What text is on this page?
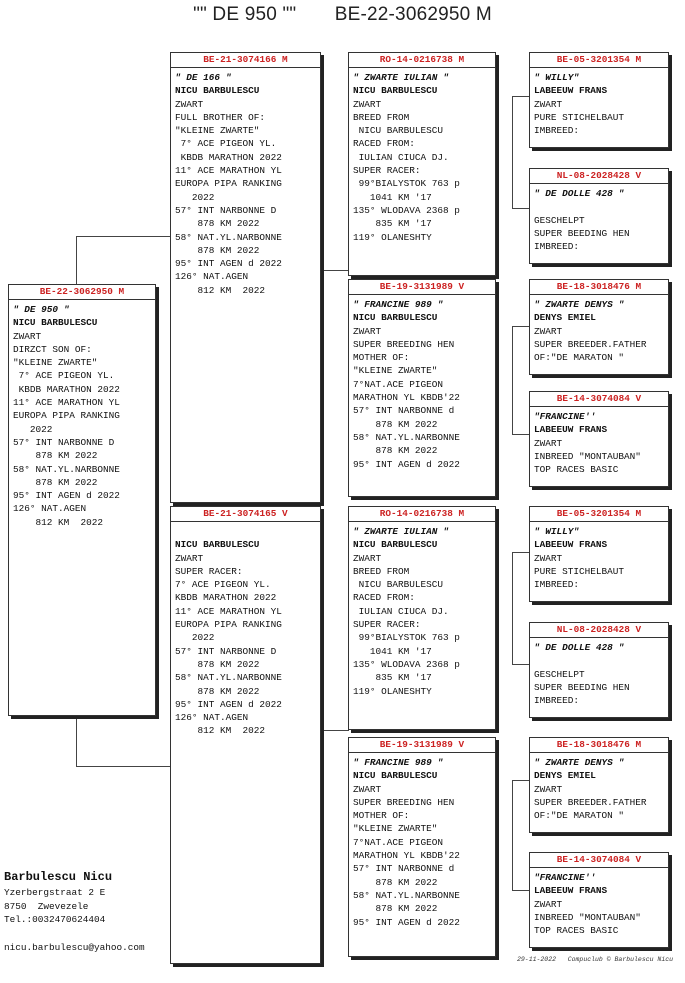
"" DE 950 ""       BE-22-3062950 M
BE-22-3062950 M
" DE 950 "
NICU BARBULESCU
ZWART
DIRZCT SON OF:
"KLEINE ZWARTE"
7° ACE PIGEON YL.
KBDB MARATHON 2022
11° ACE MARATHON YL
EUROPA PIPA RANKING
2022
57° INT NARBONNE D
878 KM 2022
58° NAT.YL.NARBONNE
878 KM 2022
95° INT AGEN d 2022
126° NAT.AGEN
812 KM  2022
BE-21-3074166 M
" DE 166 "
NICU BARBULESCU
ZWART
FULL BROTHER OF:
"KLEINE ZWARTE"
7° ACE PIGEON YL.
KBDB MARATHON 2022
11° ACE MARATHON YL
EUROPA PIPA RANKING
2022
57° INT NARBONNE D
878 KM 2022
58° NAT.YL.NARBONNE
878 KM 2022
95° INT AGEN d 2022
126° NAT.AGEN
812 KM  2022
BE-21-3074165 V

NICU BARBULESCU
ZWART
SUPER RACER:
7° ACE PIGEON YL.
KBDB MARATHON 2022
11° ACE MARATHON YL
EUROPA PIPA RANKING
2022
57° INT NARBONNE D
878 KM 2022
58° NAT.YL.NARBONNE
878 KM 2022
95° INT AGEN d 2022
126° NAT.AGEN
812 KM  2022
RO-14-0216738 M
" ZWARTE IULIAN "
NICU BARBULESCU
ZWART
BREED FROM
NICU BARBULESCU
RACED FROM:
IULIAN CIUCA DJ.
SUPER RACER:
99°BIALYSTOK 763 p
1041 KM '17
135° WLODAVA 2368 p
835 KM '17
119° OLANESHTY
BE-19-3131989 V
" FRANCINE 989 "
NICU BARBULESCU
ZWART
SUPER BREEDING HEN
MOTHER OF:
"KLEINE ZWARTE"
7°NAT.ACE PIGEON
MARATHON YL KBDB'22
57° INT NARBONNE d
878 KM 2022
58° NAT.YL.NARBONNE
878 KM 2022
95° INT AGEN d 2022
RO-14-0216738 M
" ZWARTE IULIAN "
NICU BARBULESCU
ZWART
BREED FROM
NICU BARBULESCU
RACED FROM:
IULIAN CIUCA DJ.
SUPER RACER:
99°BIALYSTOK 763 p
1041 KM '17
135° WLODAVA 2368 p
835 KM '17
119° OLANESHTY
BE-19-3131989 V
" FRANCINE 989 "
NICU BARBULESCU
ZWART
SUPER BREEDING HEN
MOTHER OF:
"KLEINE ZWARTE"
7°NAT.ACE PIGEON
MARATHON YL KBDB'22
57° INT NARBONNE d
878 KM 2022
58° NAT.YL.NARBONNE
878 KM 2022
95° INT AGEN d 2022
BE-05-3201354 M
" WILLY"
LABEEUW FRANS
ZWART
PURE STICHELBAUT
IMBREED:
NL-08-2028428 V
" DE DOLLE 428 "

GESCHELPT
SUPER BEEDING HEN
IMBREED:
BE-18-3018476 M
" ZWARTE DENYS "
DENYS EMIEL
ZWART
SUPER BREEDER.FATHER
OF:"DE MARATON "
BE-14-3074084 V
"FRANCINE''
LABEEUW FRANS
ZWART
INBREED "MONTAUBAN"
TOP RACES BASIC
BE-05-3201354 M
" WILLY"
LABEEUW FRANS
ZWART
PURE STICHELBAUT
IMBREED:
NL-08-2028428 V
" DE DOLLE 428 "

GESCHELPT
SUPER BEEDING HEN
IMBREED:
BE-18-3018476 M
" ZWARTE DENYS "
DENYS EMIEL
ZWART
SUPER BREEDER.FATHER
OF:"DE MARATON "
BE-14-3074084 V
"FRANCINE''
LABEEUW FRANS
ZWART
INBREED "MONTAUBAN"
TOP RACES BASIC
Barbulescu Nicu
Yzerbergstraat 2 E
8750  Zwevezele
Tel.:0032470624404
nicu.barbulescu@yahoo.com
29-11-2022 Compuclub © Barbulescu Nicu
